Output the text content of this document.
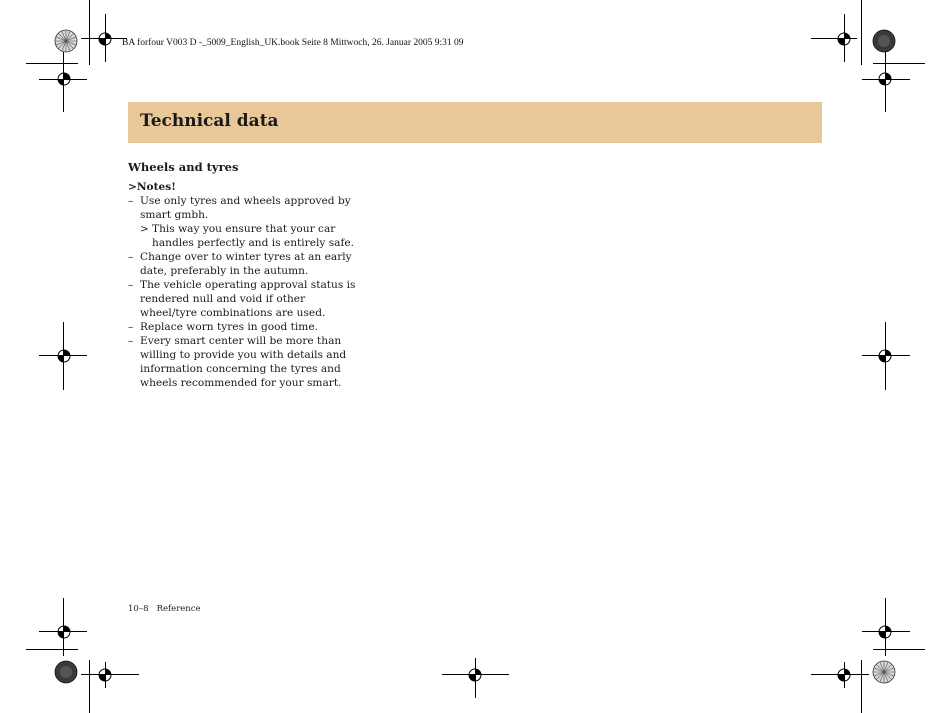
BA forfour V003 D -_5009_English_UK.book Seite 8 Mittwoch, 26. Januar 2005 9:31 09
Technical data
Wheels and tyres
>Notes!
– Use only tyres and wheels approved by smart gmbh.
> This way you ensure that your car handles perfectly and is entirely safe.
– Change over to winter tyres at an early date, preferably in the autumn.
– The vehicle operating approval status is rendered null and void if other wheel/tyre combinations are used.
– Replace worn tyres in good time.
– Every smart center will be more than willing to provide you with details and information concerning the tyres and wheels recommended for your smart.
10–8 Reference
